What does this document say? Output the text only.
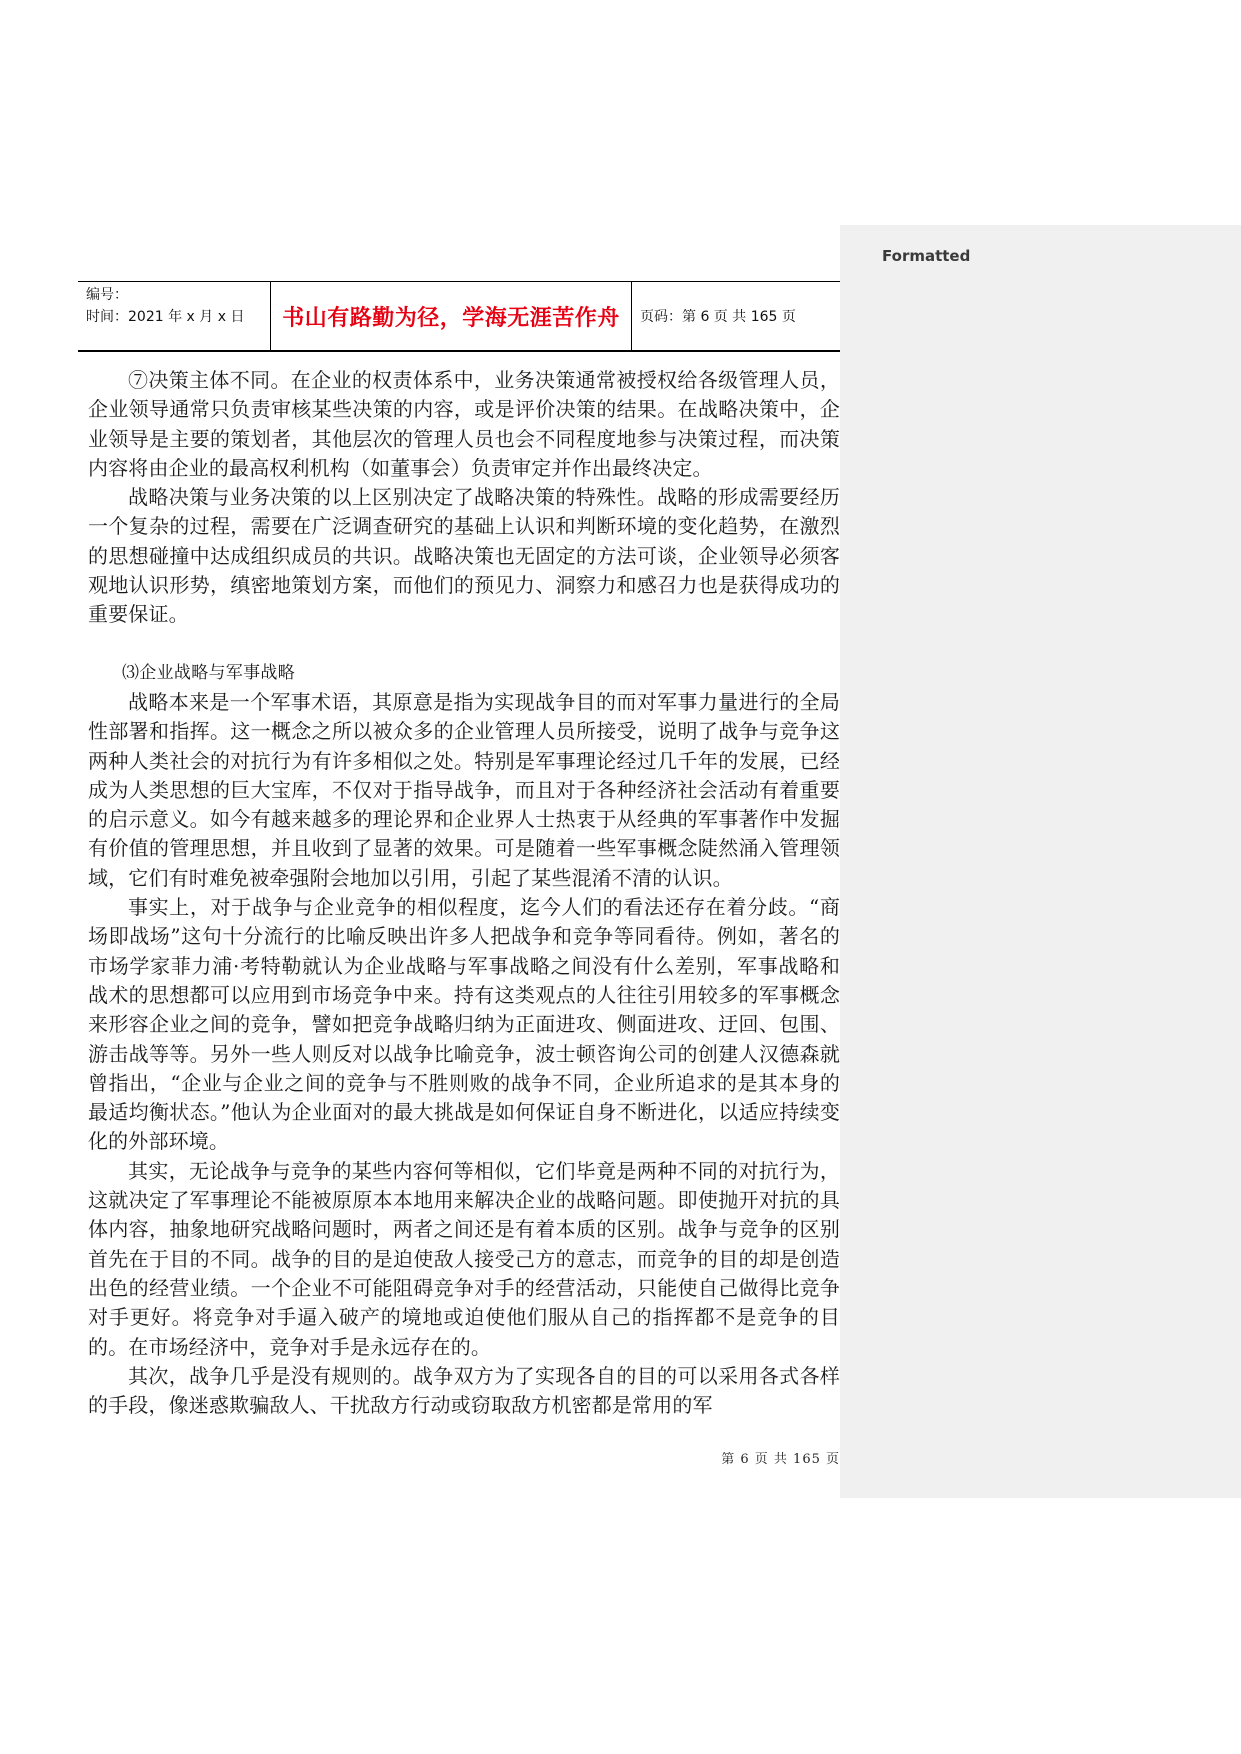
Formatted
编号：
时间：2021 年 x 月 x 日 书山有路勤为径，学海无涯苦作舟 页码：第 6 页 共 165 页

⑦决策主体不同。在企业的权责体系中，业务决策通常被授权给各级管理人员，企业领导通常只负责审核某些决策的内容，或是评价决策的结果。在战略决策中，企业领导是主要的策划者，其他层次的管理人员也会不同程度地参与决策过程，而决策内容将由企业的最高权利机构（如董事会）负责审定并作出最终决定。

战略决策与业务决策的以上区别决定了战略决策的特殊性。战略的形成需要经历一个复杂的过程，需要在广泛调查研究的基础上认识和判断环境的变化趋势，在激烈的思想碰撞中达成组织成员的共识。战略决策也无固定的方法可谈，企业领导必须客观地认识形势，缜密地策划方案，而他们的预见力、洞察力和感召力也是获得成功的重要保证。

⑶企业战略与军事战略

战略本来是一个军事术语，其原意是指为实现战争目的而对军事力量进行的全局性部署和指挥。这一概念之所以被众多的企业管理人员所接受，说明了战争与竞争这两种人类社会的对抗行为有许多相似之处。特别是军事理论经过几千年的发展，已经成为人类思想的巨大宝库，不仅对于指导战争，而且对于各种经济社会活动有着重要的启示意义。如今有越来越多的理论界和企业界人士热衷于从经典的军事著作中发掘有价值的管理思想，并且收到了显著的效果。可是随着一些军事概念陡然涌入管理领域，它们有时难免被牵强附会地加以引用，引起了某些混淆不清的认识。

事实上，对于战争与企业竞争的相似程度，迄今人们的看法还存在着分歧。“商场即战场”这句十分流行的比喻反映出许多人把战争和竞争等同看待。例如，著名的市场学家菲力浦·考特勒就认为企业战略与军事战略之间没有什么差别，军事战略和战术的思想都可以应用到市场竞争中来。持有这类观点的人往往引用较多的军事概念来形容企业之间的竞争，譬如把竞争战略归纳为正面进攻、侧面进攻、迂回、包围、游击战等等。另外一些人则反对以战争比喻竞争，波士顿咨询公司的创建人汉德森就曾指出，“企业与企业之间的竞争与不胜则败的战争不同，企业所追求的是其本身的最适均衡状态。”他认为企业面对的最大挑战是如何保证自身不断进化，以适应持续变化的外部环境。

其实，无论战争与竞争的某些内容何等相似，它们毕竟是两种不同的对抗行为，这就决定了军事理论不能被原原本本地用来解决企业的战略问题。即使抛开对抗的具体内容，抽象地研究战略问题时，两者之间还是有着本质的区别。战争与竞争的区别首先在于目的不同。战争的目的是迫使敌人接受己方的意志，而竞争的目的却是创造出色的经营业绩。一个企业不可能阻碍竞争对手的经营活动，只能使自己做得比竞争对手更好。将竞争对手逼入破产的境地或迫使他们服从自己的指挥都不是竞争的目的。在市场经济中，竞争对手是永远存在的。

其次，战争几乎是没有规则的。战争双方为了实现各自的目的可以采用各式各样的手段，像迷惑欺骗敌人、干扰敌方行动或窃取敌方机密都是常用的军

第 6 页 共 165 页
